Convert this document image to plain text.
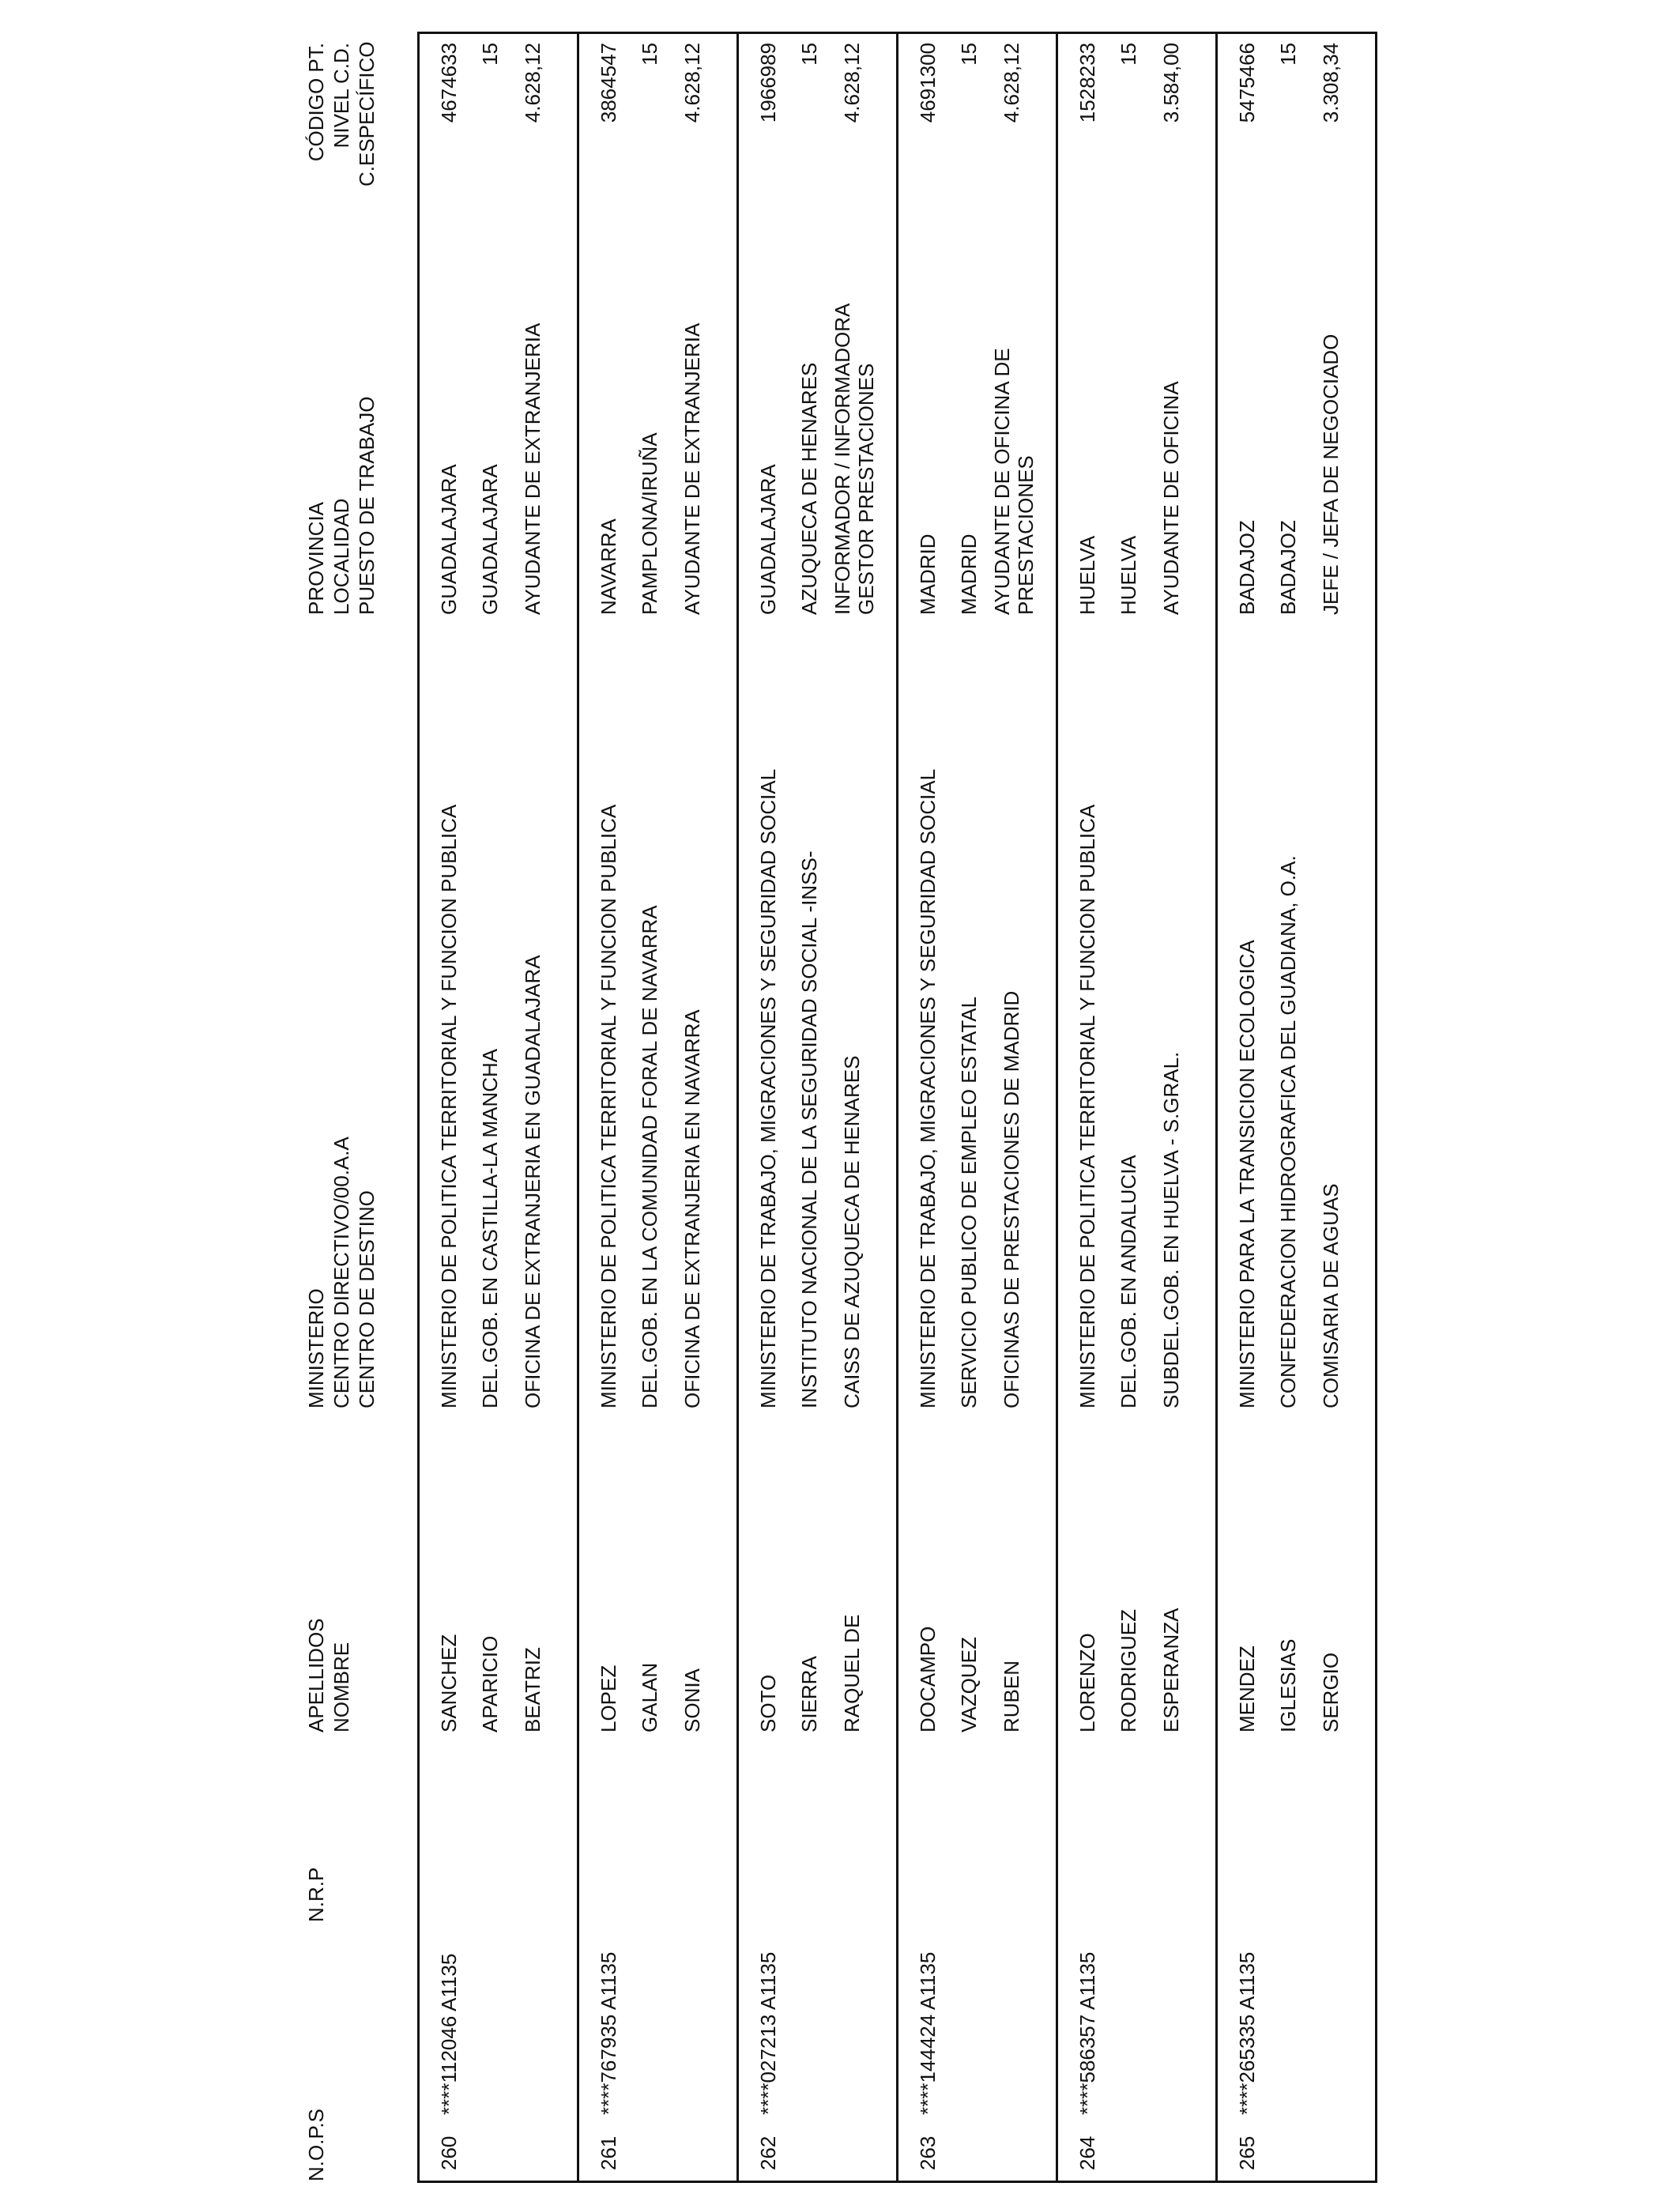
N.O.P.S
N.R.P
APELLIDOS NOMBRE
MINISTERIO CENTRO DIRECTIVO/00.A.A CENTRO DE DESTINO
PROVINCIA LOCALIDAD PUESTO DE TRABAJO
CÓDIGO PT. NIVEL C.D. C.ESPECÍFICO
260
****112046 A1135
SANCHEZ APARICIO BEATRIZ
MINISTERIO DE POLITICA TERRITORIAL Y FUNCION PUBLICA DEL.GOB. EN CASTILLA-LA MANCHA OFICINA DE EXTRANJERIA EN GUADALAJARA
GUADALAJARA GUADALAJARA AYUDANTE DE EXTRANJERIA
4674633 15 4.628,12
261
****767935 A1135
LOPEZ GALAN SONIA
MINISTERIO DE POLITICA TERRITORIAL Y FUNCION PUBLICA DEL.GOB. EN LA COMUNIDAD FORAL DE NAVARRA OFICINA DE EXTRANJERIA EN NAVARRA
NAVARRA PAMPLONA/IRUÑA AYUDANTE DE EXTRANJERIA
3864547 15 4.628,12
262
****027213 A1135
SOTO SIERRA RAQUEL DE
MINISTERIO DE TRABAJO, MIGRACIONES Y SEGURIDAD SOCIAL INSTITUTO NACIONAL DE LA SEGURIDAD SOCIAL -INSS- CAISS DE AZUQUECA DE HENARES
GUADALAJARA AZUQUECA DE HENARES INFORMADOR / INFORMADORA GESTOR PRESTACIONES
1966989 15 4.628,12
263
****144424 A1135
DOCAMPO VAZQUEZ RUBEN
MINISTERIO DE TRABAJO, MIGRACIONES Y SEGURIDAD SOCIAL SERVICIO PUBLICO DE EMPLEO ESTATAL OFICINAS DE PRESTACIONES DE MADRID
MADRID MADRID AYUDANTE DE OFICINA DE PRESTACIONES
4691300 15 4.628,12
264
****586357 A1135
LORENZO RODRIGUEZ ESPERANZA
MINISTERIO DE POLITICA TERRITORIAL Y FUNCION PUBLICA DEL.GOB. EN ANDALUCIA SUBDEL.GOB. EN HUELVA - S.GRAL.
HUELVA HUELVA AYUDANTE DE OFICINA
1528233 15 3.584,00
265
****265335 A1135
MENDEZ IGLESIAS SERGIO
MINISTERIO PARA LA TRANSICION ECOLOGICA CONFEDERACION HIDROGRAFICA DEL GUADIANA, O.A. COMISARIA DE AGUAS
BADAJOZ BADAJOZ JEFE / JEFA DE NEGOCIADO
5475466 15 3.308,34
